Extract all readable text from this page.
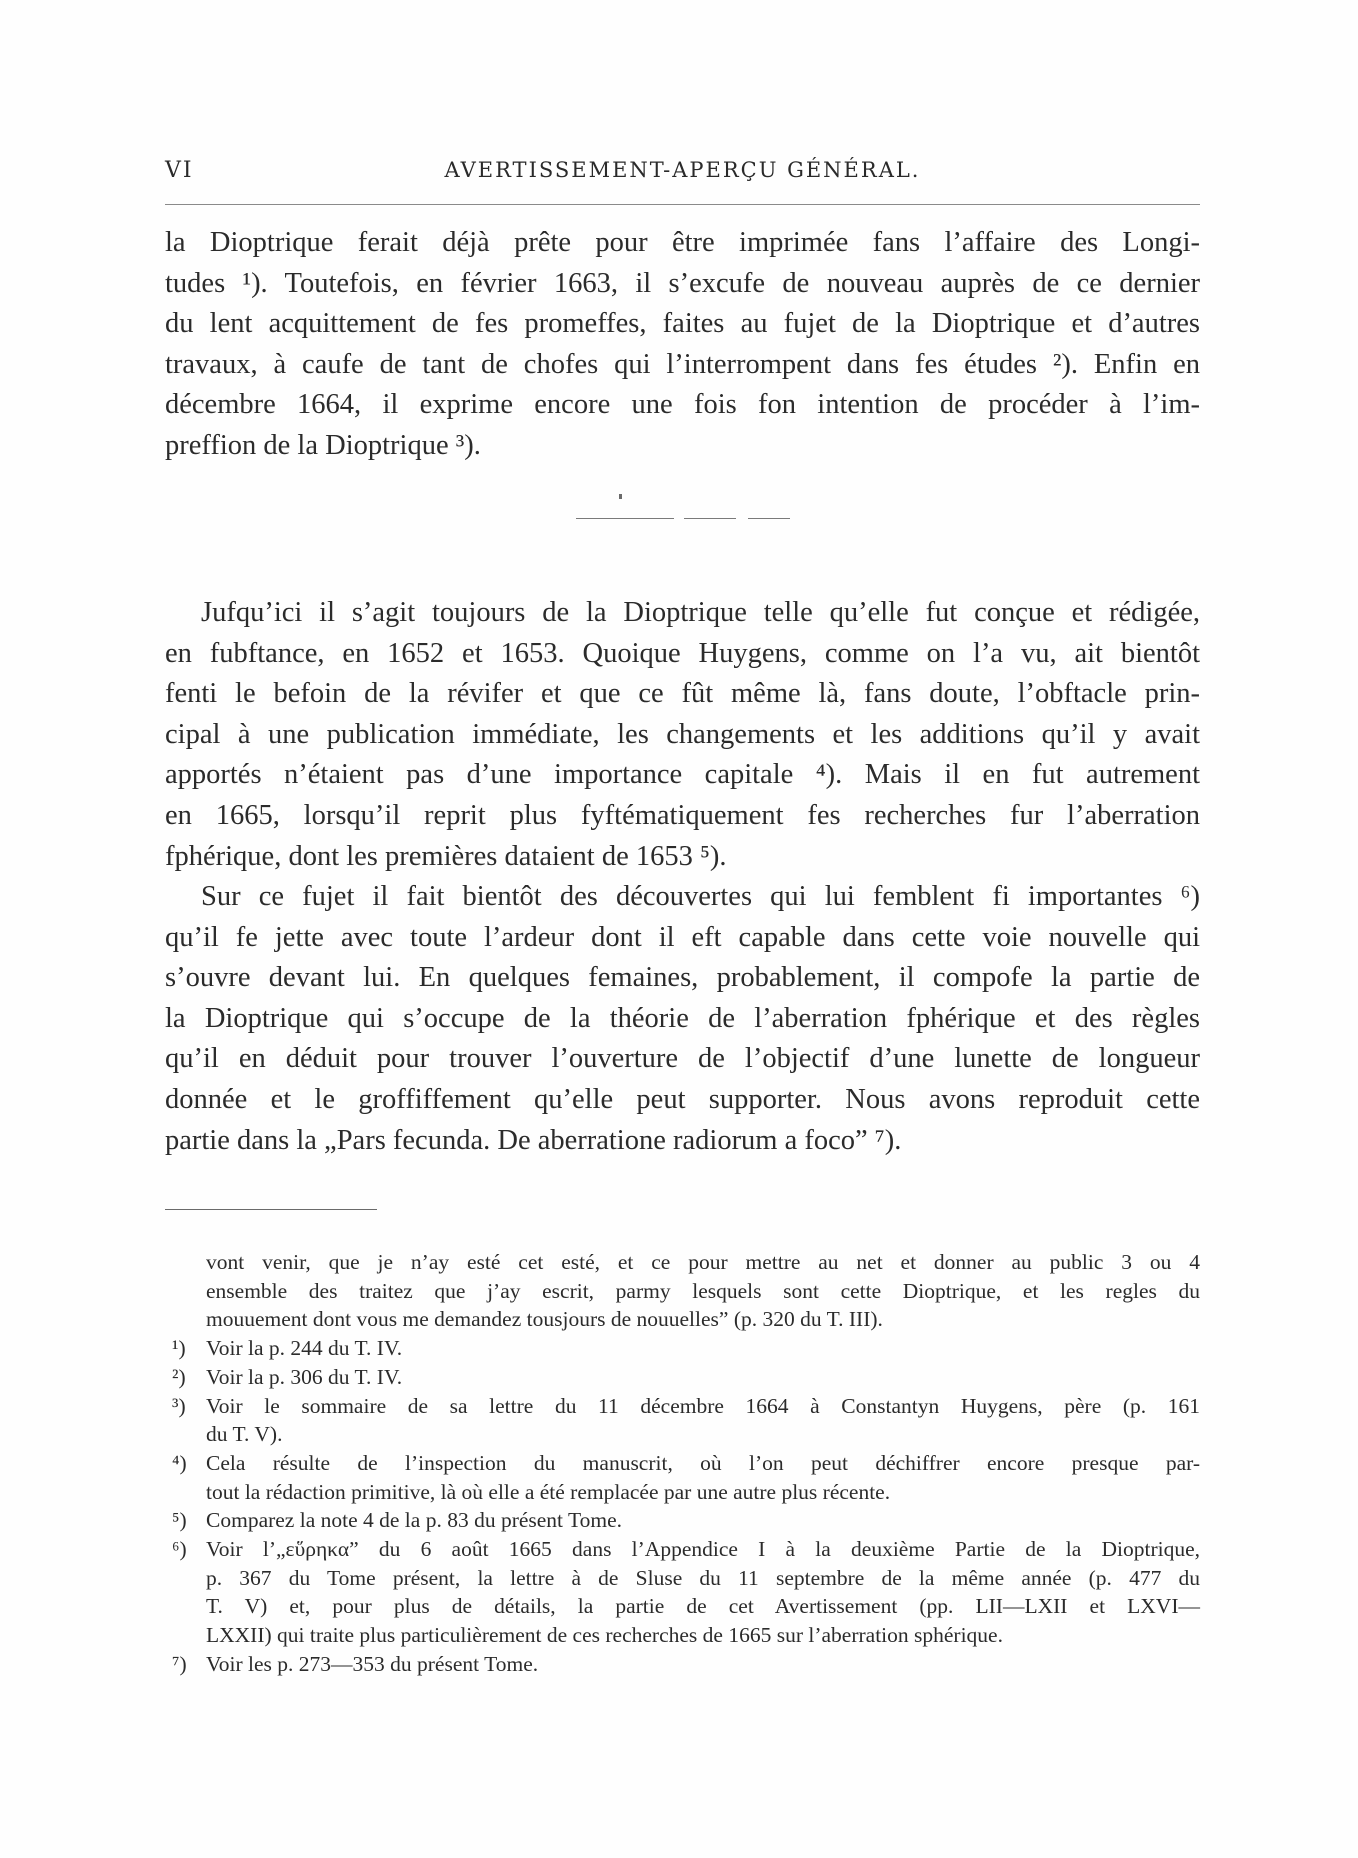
VI	AVERTISSEMENT-APERÇU GÉNÉRAL.
la Dioptrique ferait déjà prête pour être imprimée fans l’affaire des Longi-
tudes ¹). Toutefois, en février 1663, il s’excufe de nouveau auprès de ce dernier
du lent acquittement de fes promeffes, faites au fujet de la Dioptrique et d’autres
travaux, à caufe de tant de chofes qui l’interrompent dans fes études ²). Enfin en
décembre 1664, il exprime encore une fois fon intention de procéder à l’im-
preffion de la Dioptrique ³).
Jufqu’ici il s’agit toujours de la Dioptrique telle qu’elle fut conçue et rédigée,
en fubftance, en 1652 et 1653. Quoique Huygens, comme on l’a vu, ait bientôt
fenti le befoin de la révifer et que ce fût même là, fans doute, l’obftacle prin-
cipal à une publication immédiate, les changements et les additions qu’il y avait
apportés n’étaient pas d’une importance capitale ⁴). Mais il en fut autrement
en 1665, lorsqu’il reprit plus fyftématiquement fes recherches fur l’aberration
fphérique, dont les premières dataient de 1653 ⁵).
Sur ce fujet il fait bientôt des découvertes qui lui femblent fi importantes ⁶)
qu’il fe jette avec toute l’ardeur dont il eft capable dans cette voie nouvelle qui
s’ouvre devant lui. En quelques femaines, probablement, il compofe la partie de
la Dioptrique qui s’occupe de la théorie de l’aberration fphérique et des règles
qu’il en déduit pour trouver l’ouverture de l’objectif d’une lunette de longueur
donnée et le groffiffement qu’elle peut supporter. Nous avons reproduit cette
partie dans la „Pars fecunda. De aberratione radiorum a foco” ⁷).
vont venir, que je n’ay esté cet esté, et ce pour mettre au net et donner au public 3 ou 4
ensemble des traitez que j’ay escrit, parmy lesquels sont cette Dioptrique, et les regles du
mouuement dont vous me demandez tousjours de nouuelles” (p. 320 du T. III).
¹) Voir la p. 244 du T. IV.
²) Voir la p. 306 du T. IV.
³) Voir le sommaire de sa lettre du 11 décembre 1664 à Constantyn Huygens, père (p. 161
du T. V).
⁴) Cela résulte de l’inspection du manuscrit, où l’on peut déchiffrer encore presque par-
tout la rédaction primitive, là où elle a été remplacée par une autre plus récente.
⁵) Comparez la note 4 de la p. 83 du présent Tome.
⁶) Voir l’„εὕρηκα” du 6 août 1665 dans l’Appendice I à la deuxième Partie de la Dioptrique,
p. 367 du Tome présent, la lettre à de Sluse du 11 septembre de la même année (p. 477 du
T. V) et, pour plus de détails, la partie de cet Avertissement (pp. LII—LXII et LXVI—
LXXII) qui traite plus particulièrement de ces recherches de 1665 sur l’aberration sphérique.
⁷) Voir les p. 273—353 du présent Tome.
